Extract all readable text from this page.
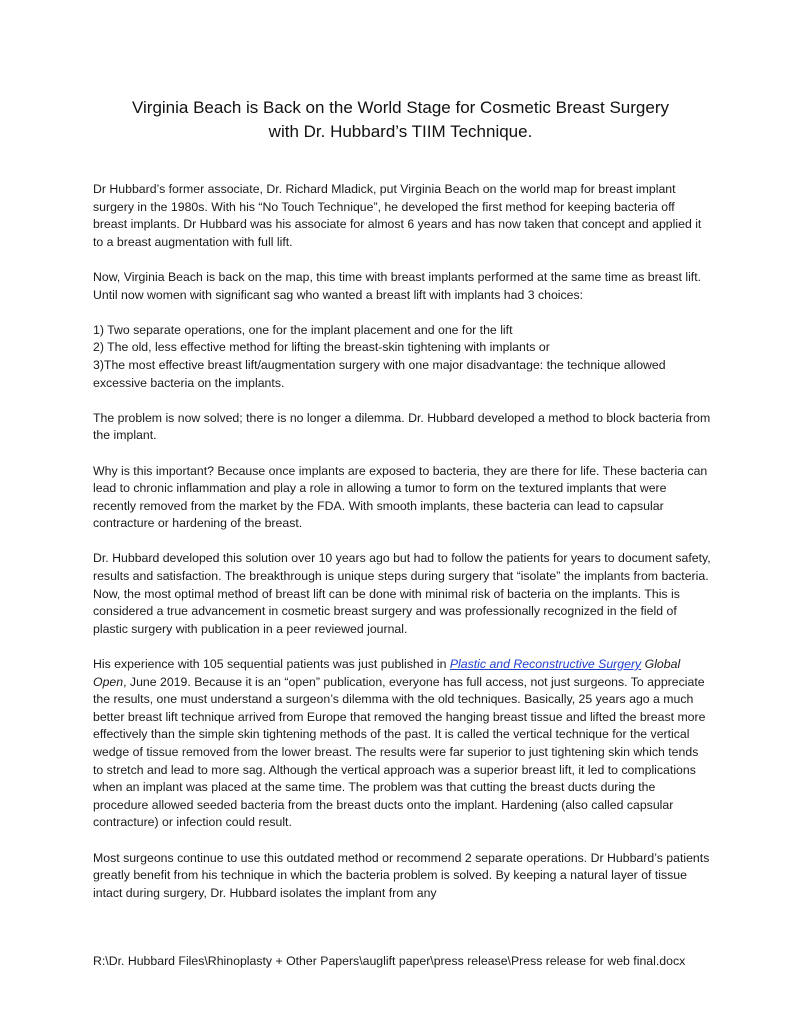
Virginia Beach is Back on the World Stage for Cosmetic Breast Surgery
with Dr. Hubbard’s TIIM Technique.

Dr Hubbard’s former associate, Dr. Richard Mladick, put Virginia Beach on the world map for breast implant surgery in the 1980s. With his “No Touch Technique”, he developed the first method for keeping bacteria off breast implants. Dr Hubbard was his associate for almost 6 years and has now taken that concept and applied it to a breast augmentation with full lift.

Now, Virginia Beach is back on the map, this time with breast implants performed at the same time as breast lift. Until now women with significant sag who wanted a breast lift with implants had 3 choices:

1) Two separate operations, one for the implant placement and one for the lift

2) The old, less effective method for lifting the breast-skin tightening with implants or

3)The most effective breast lift/augmentation surgery with one major disadvantage: the technique allowed excessive bacteria on the implants.

The problem is now solved; there is no longer a dilemma. Dr. Hubbard developed a method to block bacteria from the implant.

Why is this important? Because once implants are exposed to bacteria, they are there for life. These bacteria can lead to chronic inflammation and play a role in allowing a tumor to form on the textured implants that were recently removed from the market by the FDA. With smooth implants, these bacteria can lead to capsular contracture or hardening of the breast.

Dr. Hubbard developed this solution over 10 years ago but had to follow the patients for years to document safety, results and satisfaction. The breakthrough is unique steps during surgery that “isolate” the implants from bacteria. Now, the most optimal method of breast lift can be done with minimal risk of bacteria on the implants. This is considered a true advancement in cosmetic breast surgery and was professionally recognized in the field of plastic surgery with publication in a peer reviewed journal.

His experience with 105 sequential patients was just published in Plastic and Reconstructive Surgery Global Open, June 2019. Because it is an “open” publication, everyone has full access, not just surgeons. To appreciate the results, one must understand a surgeon’s dilemma with the old techniques. Basically, 25 years ago a much better breast lift technique arrived from Europe that removed the hanging breast tissue and lifted the breast more effectively than the simple skin tightening methods of the past. It is called the vertical technique for the vertical wedge of tissue removed from the lower breast. The results were far superior to just tightening skin which tends to stretch and lead to more sag. Although the vertical approach was a superior breast lift, it led to complications when an implant was placed at the same time. The problem was that cutting the breast ducts during the procedure allowed seeded bacteria from the breast ducts onto the implant. Hardening (also called capsular contracture) or infection could result.

Most surgeons continue to use this outdated method or recommend 2 separate operations. Dr Hubbard’s patients greatly benefit from his technique in which the bacteria problem is solved. By keeping a natural layer of tissue intact during surgery, Dr. Hubbard isolates the implant from any

R:\Dr. Hubbard Files\Rhinoplasty + Other Papers\auglift paper\press release\Press release for web final.docx
